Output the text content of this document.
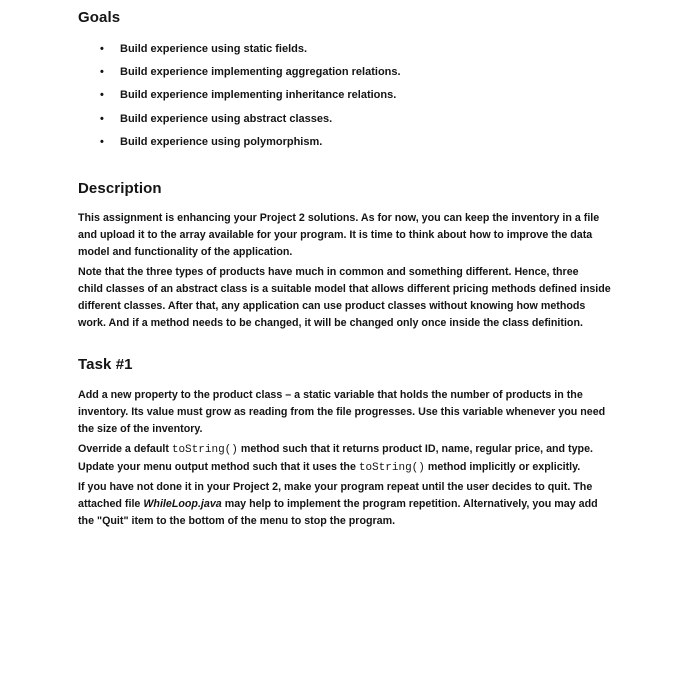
Goals
• Build experience using static fields.
• Build experience implementing aggregation relations.
• Build experience implementing inheritance relations.
• Build experience using abstract classes.
• Build experience using polymorphism.
Description

This assignment is enhancing your Project 2 solutions. As for now, you can keep the inventory in a file
and upload it to the array available for your program. It is time to think about how to improve the data
model and functionality of the application.

Note that the three types of products have much in common and something different. Hence, three
child classes of an abstract class is a suitable model that allows different pricing methods defined inside
different classes. After that, any application can use product classes without knowing how methods
work. And if a method needs to be changed, it will be changed only once inside the class definition.

Task #1

Add a new property to the product class – a static variable that holds the number of products in the
inventory. Its value must grow as reading from the file progresses. Use this variable whenever you need
the size of the inventory.

Override a default toString() method such that it returns product ID, name, regular price, and type.
Update your menu output method such that it uses the toString() method implicitly or explicitly.

If you have not done it in your Project 2, make your program repeat until the user decides to quit. The
attached file WhileLoop.java may help to implement the program repetition. Alternatively, you may add
the "Quit" item to the bottom of the menu to stop the program.
